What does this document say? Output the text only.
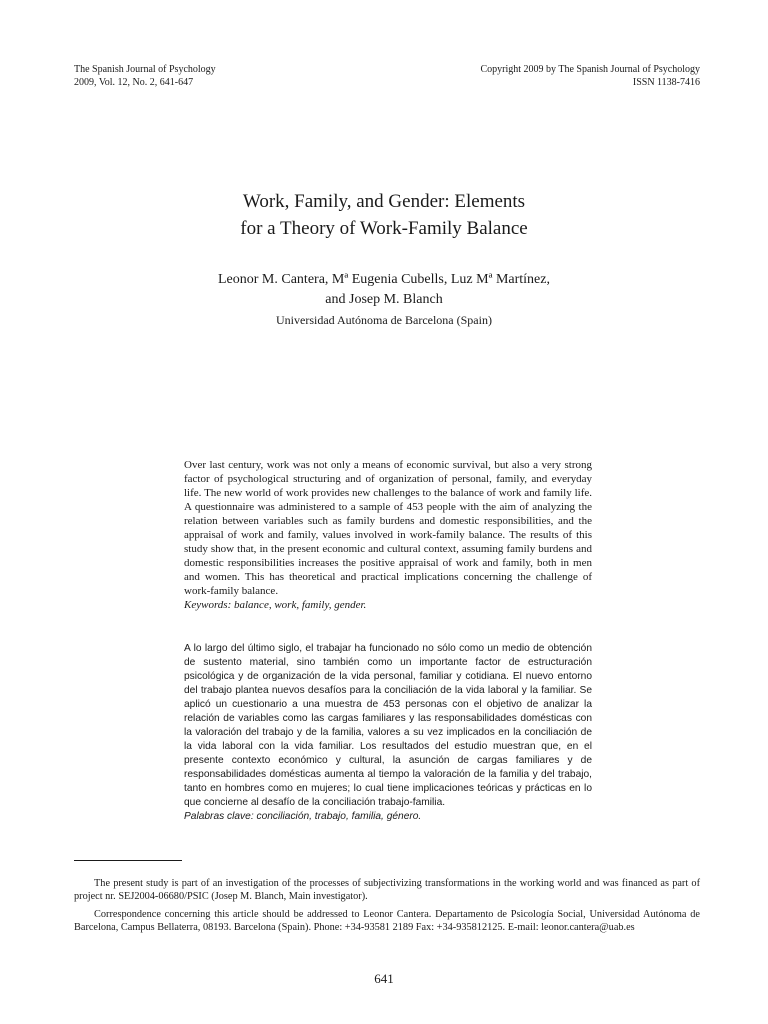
The Spanish Journal of Psychology
2009, Vol. 12, No. 2, 641-647
Copyright 2009 by The Spanish Journal of Psychology
ISSN 1138-7416
Work, Family, and Gender: Elements
for a Theory of Work-Family Balance
Leonor M. Cantera, Mª Eugenia Cubells, Luz Mª Martínez,
and Josep M. Blanch
Universidad Autónoma de Barcelona (Spain)
Over last century, work was not only a means of economic survival, but also a very strong factor of psychological structuring and of organization of personal, family, and everyday life. The new world of work provides new challenges to the balance of work and family life. A questionnaire was administered to a sample of 453 people with the aim of analyzing the relation between variables such as family burdens and domestic responsibilities, and the appraisal of work and family, values involved in work-family balance. The results of this study show that, in the present economic and cultural context, assuming family burdens and domestic responsibilities increases the positive appraisal of work and family, both in men and women. This has theoretical and practical implications concerning the challenge of work-family balance.
Keywords: balance, work, family, gender.
A lo largo del último siglo, el trabajar ha funcionado no sólo como un medio de obtención de sustento material, sino también como un importante factor de estructuración psicológica y de organización de la vida personal, familiar y cotidiana. El nuevo entorno del trabajo plantea nuevos desafíos para la conciliación de la vida laboral y la familiar. Se aplicó un cuestionario a una muestra de 453 personas con el objetivo de analizar la relación de variables como las cargas familiares y las responsabilidades domésticas con la valoración del trabajo y de la familia, valores a su vez implicados en la conciliación de la vida laboral con la vida familiar. Los resultados del estudio muestran que, en el presente contexto económico y cultural, la asunción de cargas familiares y de responsabilidades domésticas aumenta al tiempo la valoración de la familia y del trabajo, tanto en hombres como en mujeres; lo cual tiene implicaciones teóricas y prácticas en lo que concierne al desafío de la conciliación trabajo-familia.
Palabras clave: conciliación, trabajo, familia, género.

The present study is part of an investigation of the processes of subjectivizing transformations in the working world and was financed as part of project nr. SEJ2004-06680/PSIC (Josep M. Blanch, Main investigator).

Correspondence concerning this article should be addressed to Leonor Cantera. Departamento de Psicología Social, Universidad Autónoma de Barcelona, Campus Bellaterra, 08193. Barcelona (Spain). Phone: +34-93581 2189 Fax: +34-935812125. E-mail: leonor.cantera@uab.es

641
